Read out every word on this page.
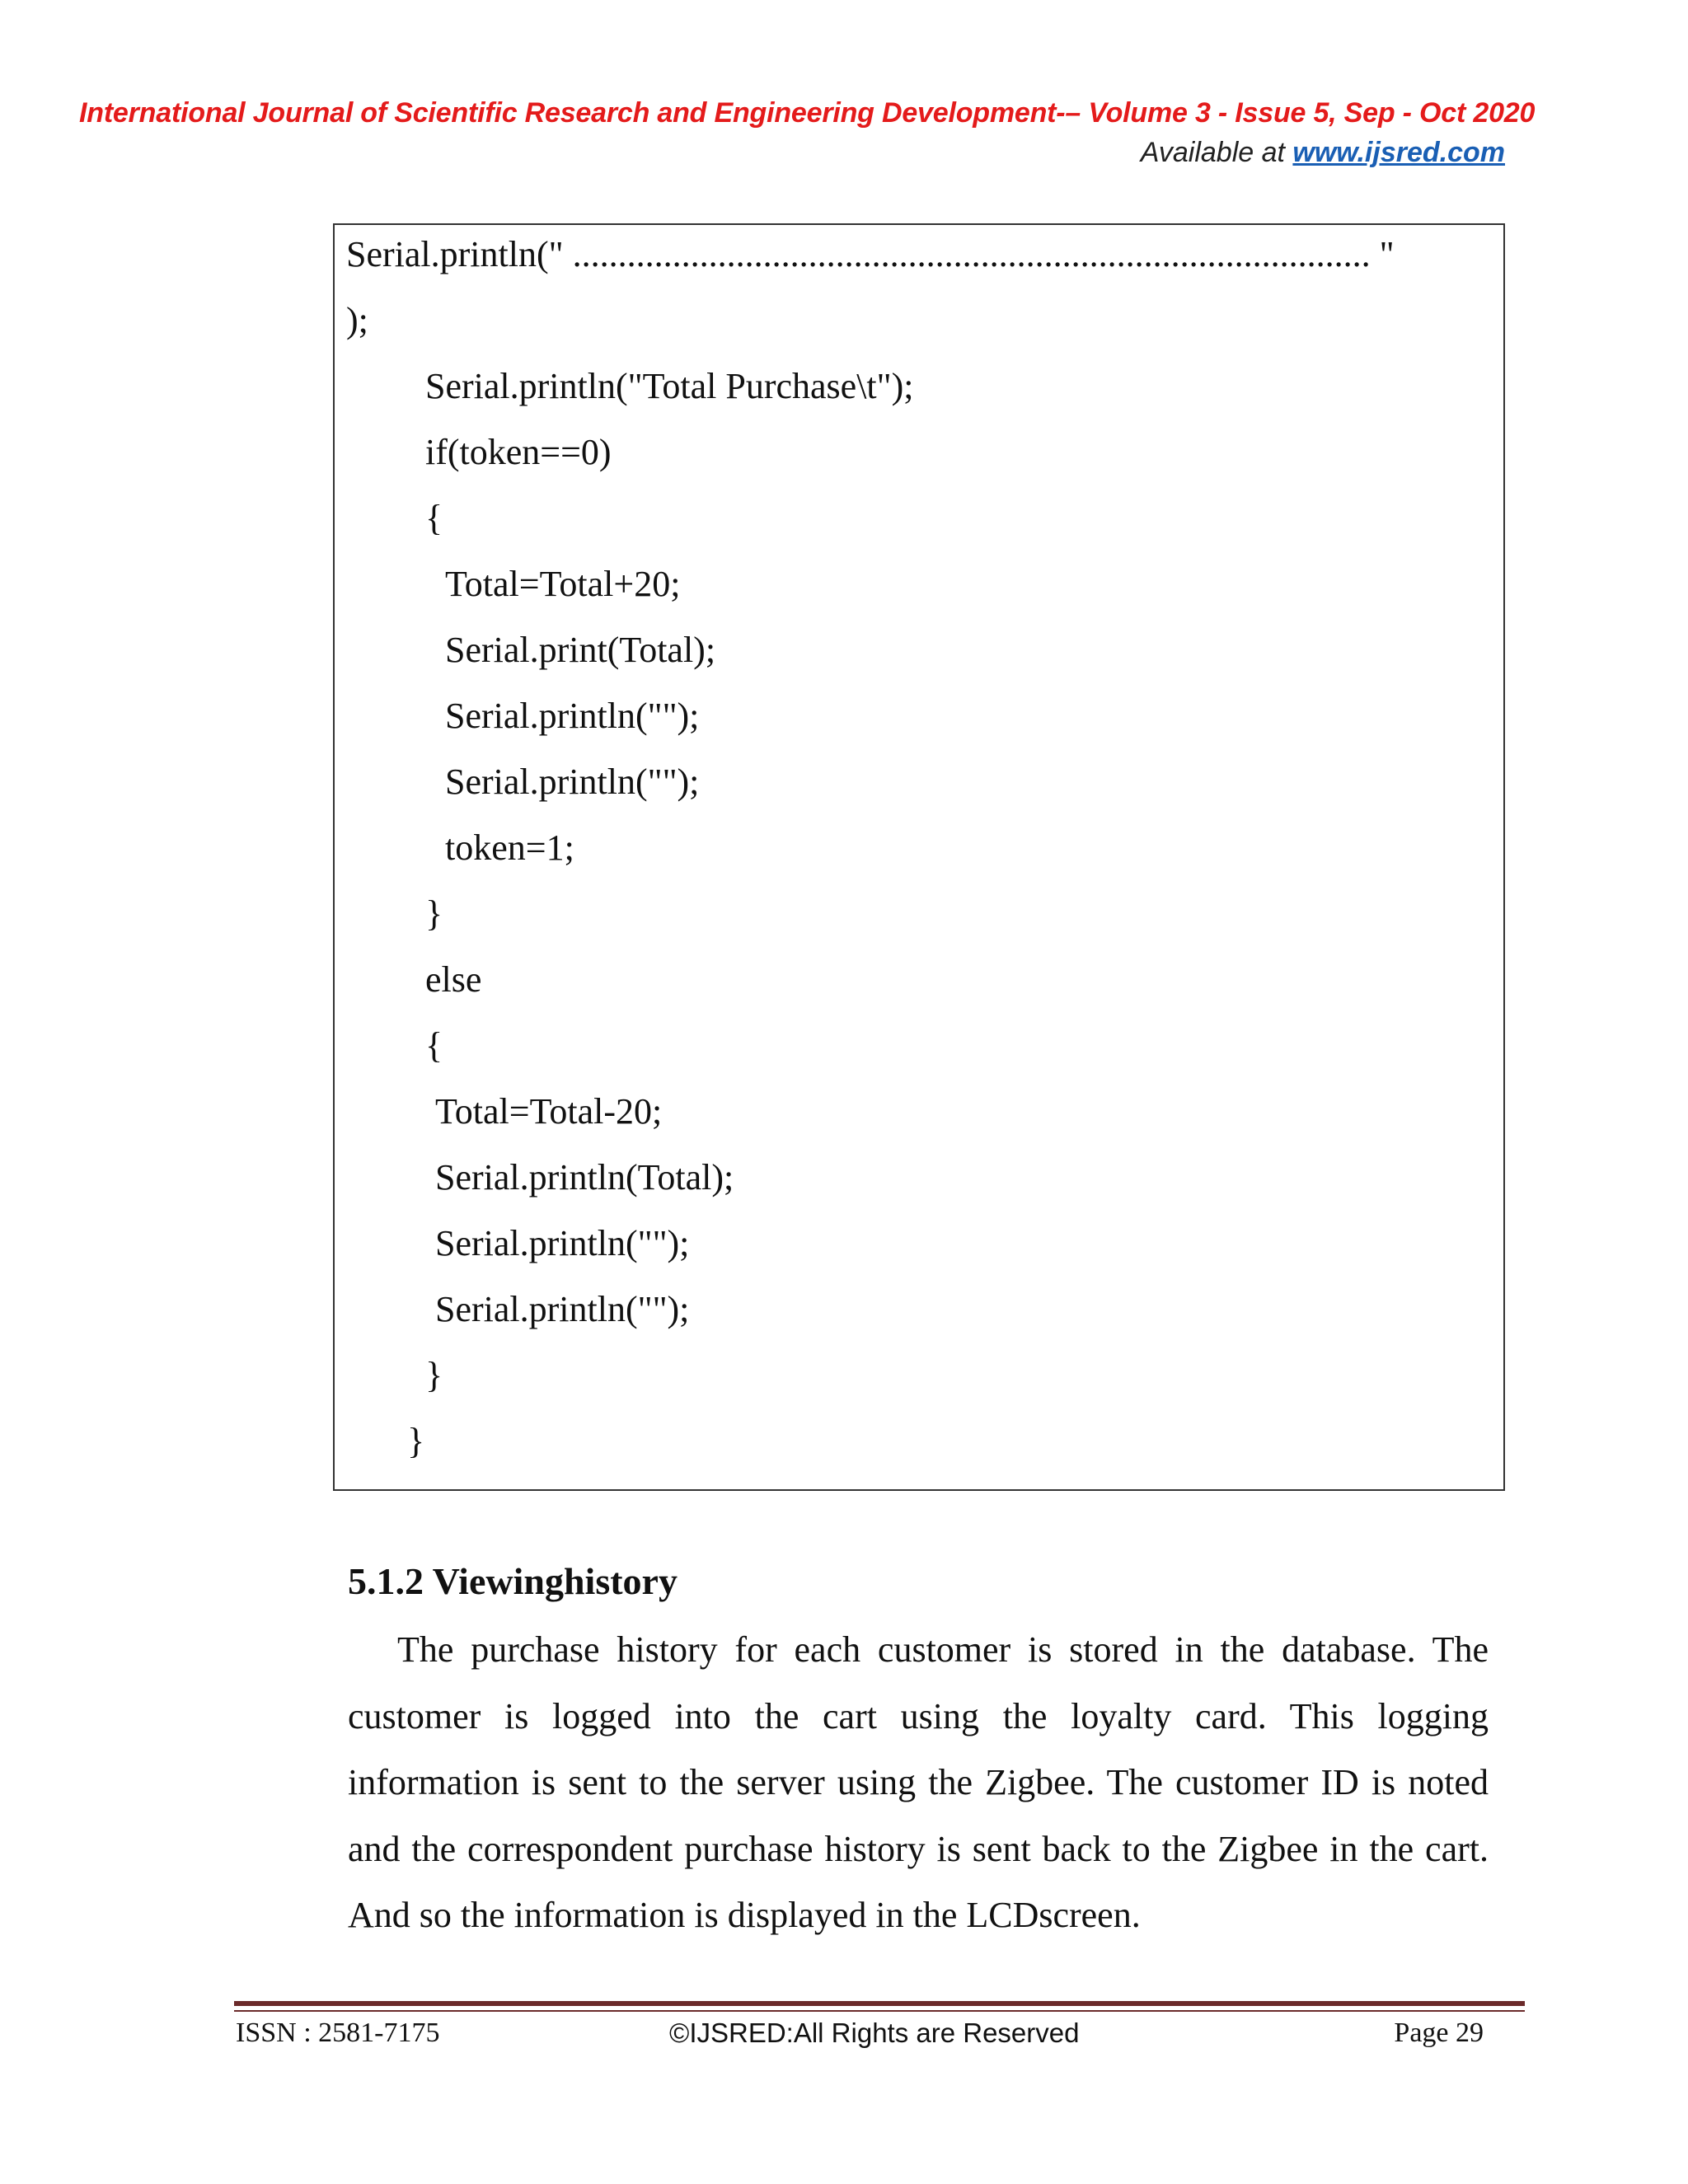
International Journal of Scientific Research and Engineering Development-– Volume 3 - Issue 5, Sep - Oct 2020
Available at www.ijsred.com
Serial.println(" ........................................................................................ "
);
Serial.println("Total Purchase\t");
if(token==0)
{
Total=Total+20;
Serial.print(Total);
Serial.println("");
Serial.println("");
token=1;
}
else
{
Total=Total-20;
Serial.println(Total);
Serial.println("");
Serial.println("");
}
}
5.1.2 Viewinghistory
The purchase history for each customer is stored in the database. The customer is logged into the cart using the loyalty card. This logging information is sent to the server using the Zigbee. The customer ID is noted and the correspondent purchase history is sent back to the Zigbee in the cart. And so the information is displayed in the LCDscreen.
ISSN : 2581-7175	©IJSRED:All Rights are Reserved	Page 29
